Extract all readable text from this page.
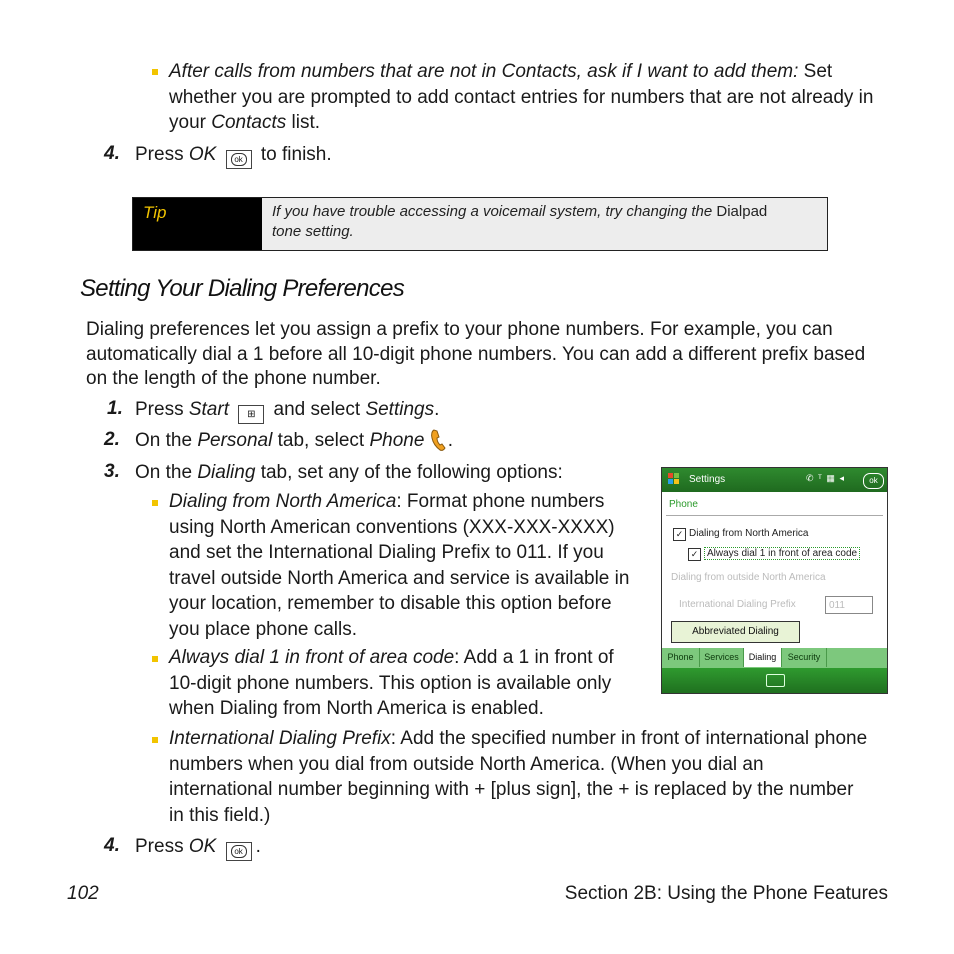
After calls from numbers that are not in Contacts, ask if I want to add them: Set
whether you are prompted to add contact entries for numbers that are not already in
your Contacts list.
4. Press OK ok to finish.
Tip	If you have trouble accessing a voicemail system, try changing the Dialpad
tone setting.
Setting Your Dialing Preferences
Dialing preferences let you assign a prefix to your phone numbers. For example, you can
automatically dial a 1 before all 10-digit phone numbers. You can add a different prefix based
on the length of the phone number.
1. Press Start ⊞ and select Settings.
2. On the Personal tab, select Phone .
3. On the Dialing tab, set any of the following options:
Dialing from North America: Format phone numbers
using North American conventions (XXX-XXX-XXXX)
and set the International Dialing Prefix to 011. If you
travel outside North America and service is available in
your location, remember to disable this option before
you place phone calls.
Always dial 1 in front of area code: Add a 1 in front of
10-digit phone numbers. This option is available only
when Dialing from North America is enabled.
International Dialing Prefix: Add the specified number in front of international phone
numbers when you dial from outside North America. (When you dial an
international number beginning with + [plus sign], the + is replaced by the number
in this field.)
4. Press OK ok .
Settings	✆ ᵀ ▦ ◂	ok
Phone
✓ Dialing from North America
✓ Always dial 1 in front of area code
Dialing from outside North America
International Dialing Prefix	011
Abbreviated Dialing
Phone	Services	Dialing	Security
102	Section 2B: Using the Phone Features
